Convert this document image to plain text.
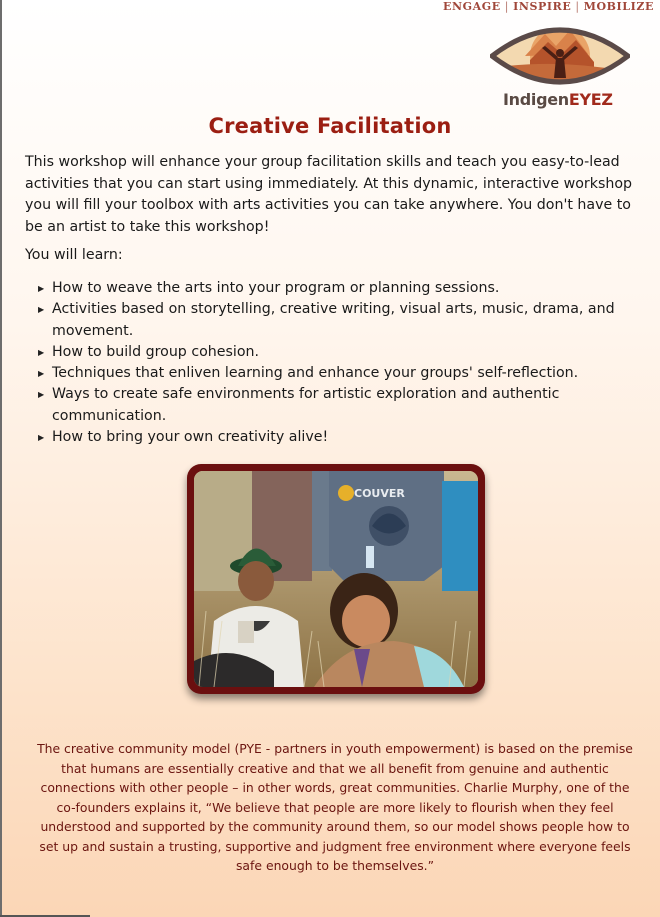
ENGAGE | INSPIRE | MOBILIZE
IndigenEYEZ
Creative Facilitation

This workshop will enhance your group facilitation skills and teach you easy-to-lead activities that you can start using immediately. At this dynamic, interactive workshop you will fill your toolbox with arts activities you can take anywhere. You don't have to be an artist to take this workshop!

You will learn:

▶ How to weave the arts into your program or planning sessions.
▶ Activities based on storytelling, creative writing, visual arts, music, drama, and movement.
▶ How to build group cohesion.
▶ Techniques that enliven learning and enhance your groups' self-reflection.
▶ Ways to create safe environments for artistic exploration and authentic communication.
▶ How to bring your own creativity alive!
COUVER

The creative community model (PYE - partners in youth empowerment) is based on the premise that humans are essentially creative and that we all benefit from genuine and authentic connections with other people – in other words, great communities. Charlie Murphy, one of the co-founders explains it, “We believe that people are more likely to flourish when they feel understood and supported by the community around them, so our model shows people how to set up and sustain a trusting, supportive and judgment free environment where everyone feels safe enough to be themselves.”
